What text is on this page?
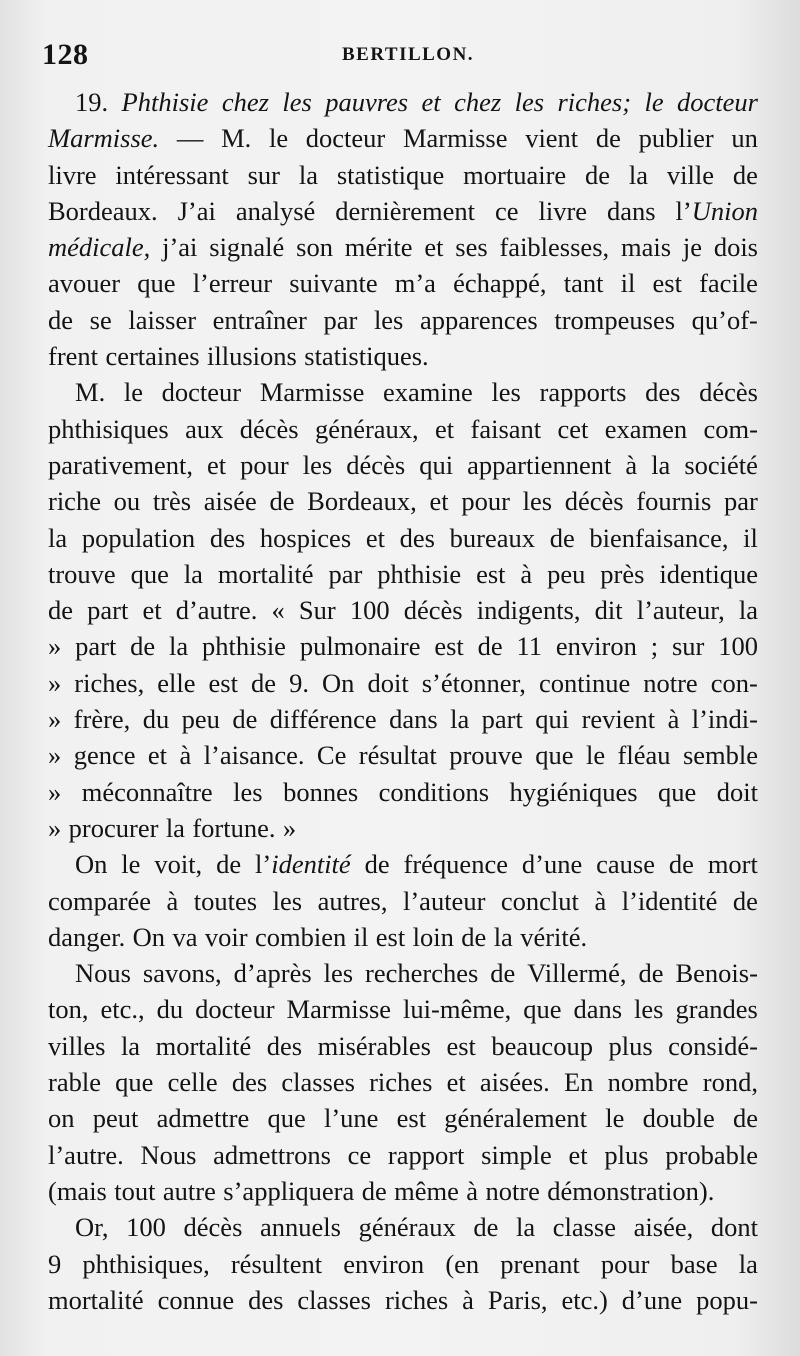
128	BERTILLON.
19. Phthisie chez les pauvres et chez les riches; le docteur
Marmisse. — M. le docteur Marmisse vient de publier un
livre intéressant sur la statistique mortuaire de la ville de
Bordeaux. J’ai analysé dernièrement ce livre dans l’Union
médicale, j’ai signalé son mérite et ses faiblesses, mais je dois
avouer que l’erreur suivante m’a échappé, tant il est facile
de se laisser entraîner par les apparences trompeuses qu’of-
frent certaines illusions statistiques.
M. le docteur Marmisse examine les rapports des décès
phthisiques aux décès généraux, et faisant cet examen com-
parativement, et pour les décès qui appartiennent à la société
riche ou très aisée de Bordeaux, et pour les décès fournis par
la population des hospices et des bureaux de bienfaisance, il
trouve que la mortalité par phthisie est à peu près identique
de part et d’autre. « Sur 100 décès indigents, dit l’auteur, la
» part de la phthisie pulmonaire est de 11 environ ; sur 100
» riches, elle est de 9. On doit s’étonner, continue notre con-
» frère, du peu de différence dans la part qui revient à l’indi-
» gence et à l’aisance. Ce résultat prouve que le fléau semble
» méconnaître les bonnes conditions hygiéniques que doit
» procurer la fortune. »
On le voit, de l’identité de fréquence d’une cause de mort
comparée à toutes les autres, l’auteur conclut à l’identité de
danger. On va voir combien il est loin de la vérité.
Nous savons, d’après les recherches de Villermé, de Benois-
ton, etc., du docteur Marmisse lui-même, que dans les grandes
villes la mortalité des misérables est beaucoup plus considé-
rable que celle des classes riches et aisées. En nombre rond,
on peut admettre que l’une est généralement le double de
l’autre. Nous admettrons ce rapport simple et plus probable
(mais tout autre s’appliquera de même à notre démonstration).
Or, 100 décès annuels généraux de la classe aisée, dont
9 phthisiques, résultent environ (en prenant pour base la
mortalité connue des classes riches à Paris, etc.) d’une popu-
